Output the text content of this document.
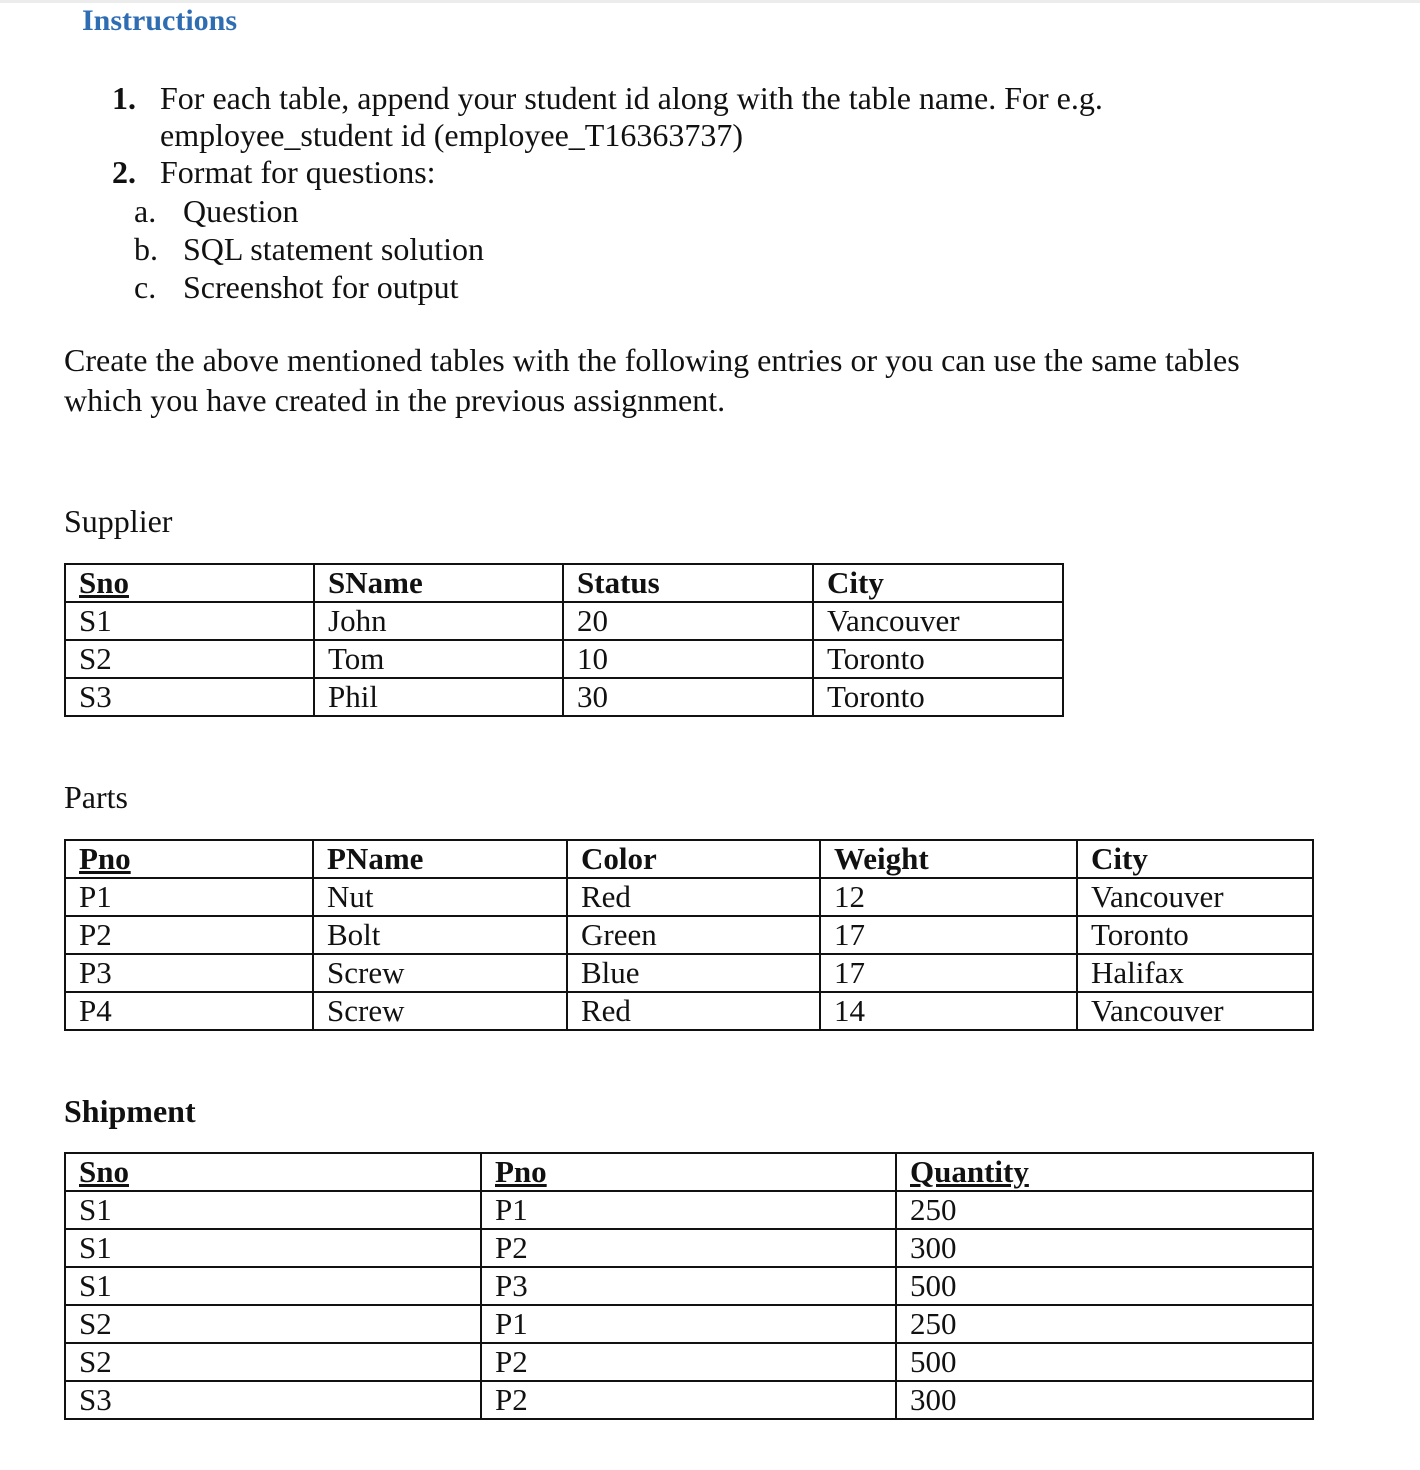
Instructions
1. For each table, append your student id along with the table name. For e.g. employee_student id (employee_T16363737)
2. Format for questions:
a. Question
b. SQL statement solution
c. Screenshot for output
Create the above mentioned tables with the following entries or you can use the same tables which you have created in the previous assignment.
Supplier
Sno	SName	Status	City
S1	John	20	Vancouver
S2	Tom	10	Toronto
S3	Phil	30	Toronto
Parts
Pno	PName	Color	Weight	City
P1	Nut	Red	12	Vancouver
P2	Bolt	Green	17	Toronto
P3	Screw	Blue	17	Halifax
P4	Screw	Red	14	Vancouver
Shipment
Sno	Pno	Quantity
S1	P1	250
S1	P2	300
S1	P3	500
S2	P1	250
S2	P2	500
S3	P2	300
